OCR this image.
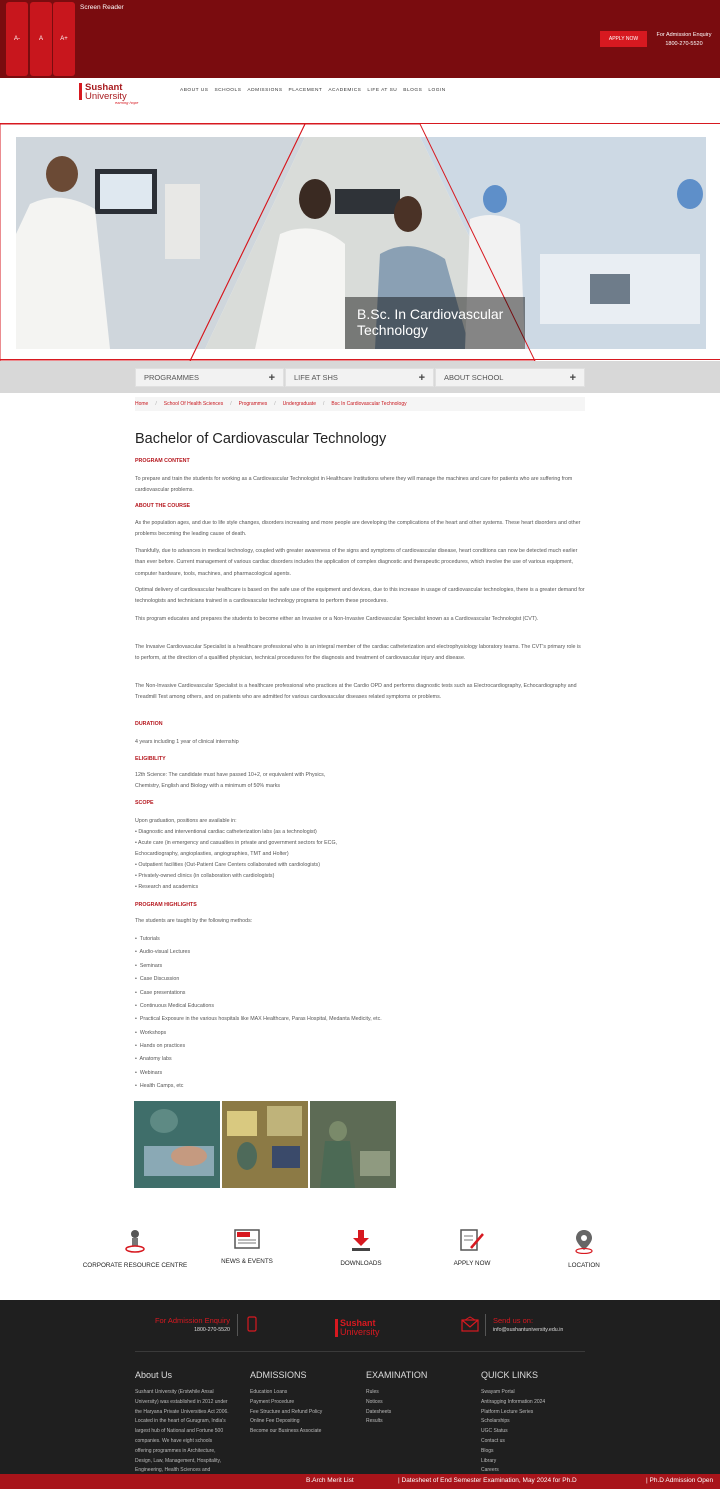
A-	A	A+
Screen Reader
APPLY NOW
For Admission Enquiry
1800-270-5520
Sushant
University
earning hope
ABOUT US SCHOOLS ADMISSIONS PLACEMENT ACADEMICS LIFE AT SU BLOGS LOGIN
B.Sc. In Cardiovascular Technology
PROGRAMMES	+	LIFE AT SHS	+	ABOUT SCHOOL	+
Home / School Of Health Sciences / Programmes / Undergraduate / Bsc In Cardiovascular Technology
Bachelor of Cardiovascular Technology
PROGRAM CONTENT
To prepare and train the students for working as a Cardiovascular Technologist in Healthcare Institutions where they will manage the machines and care for patients who are suffering from cardiovascular problems.
ABOUT THE COURSE
As the population ages, and due to life style changes, disorders increasing and more people are developing the complications of the heart and other systems. These heart disorders and other problems becoming the leading cause of death.
Thankfully, due to advances in medical technology, coupled with greater awareness of the signs and symptoms of cardiovascular disease, heart conditions can now be detected much earlier than ever before. Current management of various cardiac disorders includes the application of complex diagnostic and therapeutic procedures, which involve the use of various equipment, computer hardware, tools, machines, and pharmacological agents.
Optimal delivery of cardiovascular healthcare is based on the safe use of the equipment and devices, due to this increase in usage of cardiovascular technologies, there is a greater demand for technologists and technicians trained in a cardiovascular technology programs to perform these procedures.
This program educates and prepares the students to become either an Invasive or a Non-Invasive Cardiovascular Specialist known as a Cardiovascular Technologist (CVT).
The Invasive Cardiovascular Specialist is a healthcare professional who is an integral member of the cardiac catheterization and electrophysiology laboratory teams. The CVT's primary role is to perform, at the direction of a qualified physician, technical procedures for the diagnosis and treatment of cardiovascular injury and disease.
The Non-Invasive Cardiovascular Specialist is a healthcare professional who practices at the Cardio OPD and performs diagnostic tests such as Electrocardiography, Echocardiography and Treadmill Test among others, and on patients who are admitted for various cardiovascular diseases related symptoms or problems.
DURATION
4 years including 1 year of clinical internship
ELIGIBILITY
12th Science: The candidate must have passed 10+2, or equivalent with Physics,
Chemistry, English and Biology with a minimum of 50% marks
SCOPE
Upon graduation, positions are available in:
• Diagnostic and interventional cardiac catheterization labs (as a technologist)
• Acute care (in emergency and casualties in private and government sectors for ECG,
Echocardiography, angioplasties, angiographies, TMT and Holter)
• Outpatient facilities (Out-Patient Care Centers collaborated with cardiologists)
• Privately-owned clinics (in collaboration with cardiologists)
• Research and academics
PROGRAM HIGHLIGHTS
The students are taught by the following methods:
•  Tutorials
•  Audio-visual Lectures
•  Seminars
•  Case Discussion
•  Case presentations
•  Continuous Medical Educations
•  Practical Exposure in the various hospitals like MAX Healthcare, Paras Hospital, Medanta Medicity, etc.
•  Workshops
•  Hands on practices
•  Anatomy labs
•  Webinars
•  Health Camps, etc
CORPORATE RESOURCE CENTRE
NEWS & EVENTS	DOWNLOADS	APPLY NOW	LOCATION
For Admission Enquiry
1800-270-5520
Sushant
University
Send us on:
info@sushantuniversity.edu.in
About Us
Sushant University (Erstwhile Ansal
University) was established in 2012 under
the Haryana Private Universities Act 2006.
Located in the heart of Gurugram, India's
largest hub of National and Fortune 500
companies. We have eight schools
offering programmes in Architecture,
Design, Law, Management, Hospitality,
Engineering, Health Sciences and
ADMISSIONS
Education Loans
Payment Procedure
Fee Structure and Refund Policy
Online Fee Depositing
Become our Business Associate
EXAMINATION
Rules
Notices
Datesheets
Results
QUICK LINKS
Swayam Portal
Antiragging Information 2024
Platform Lecture Series
Scholarships
UGC Status
Contact us
Blogs
Library
Careers
B.Arch Merit List	| Datesheet of End Semester Examination, May 2024 for Ph.D	| Ph.D Admission Open
